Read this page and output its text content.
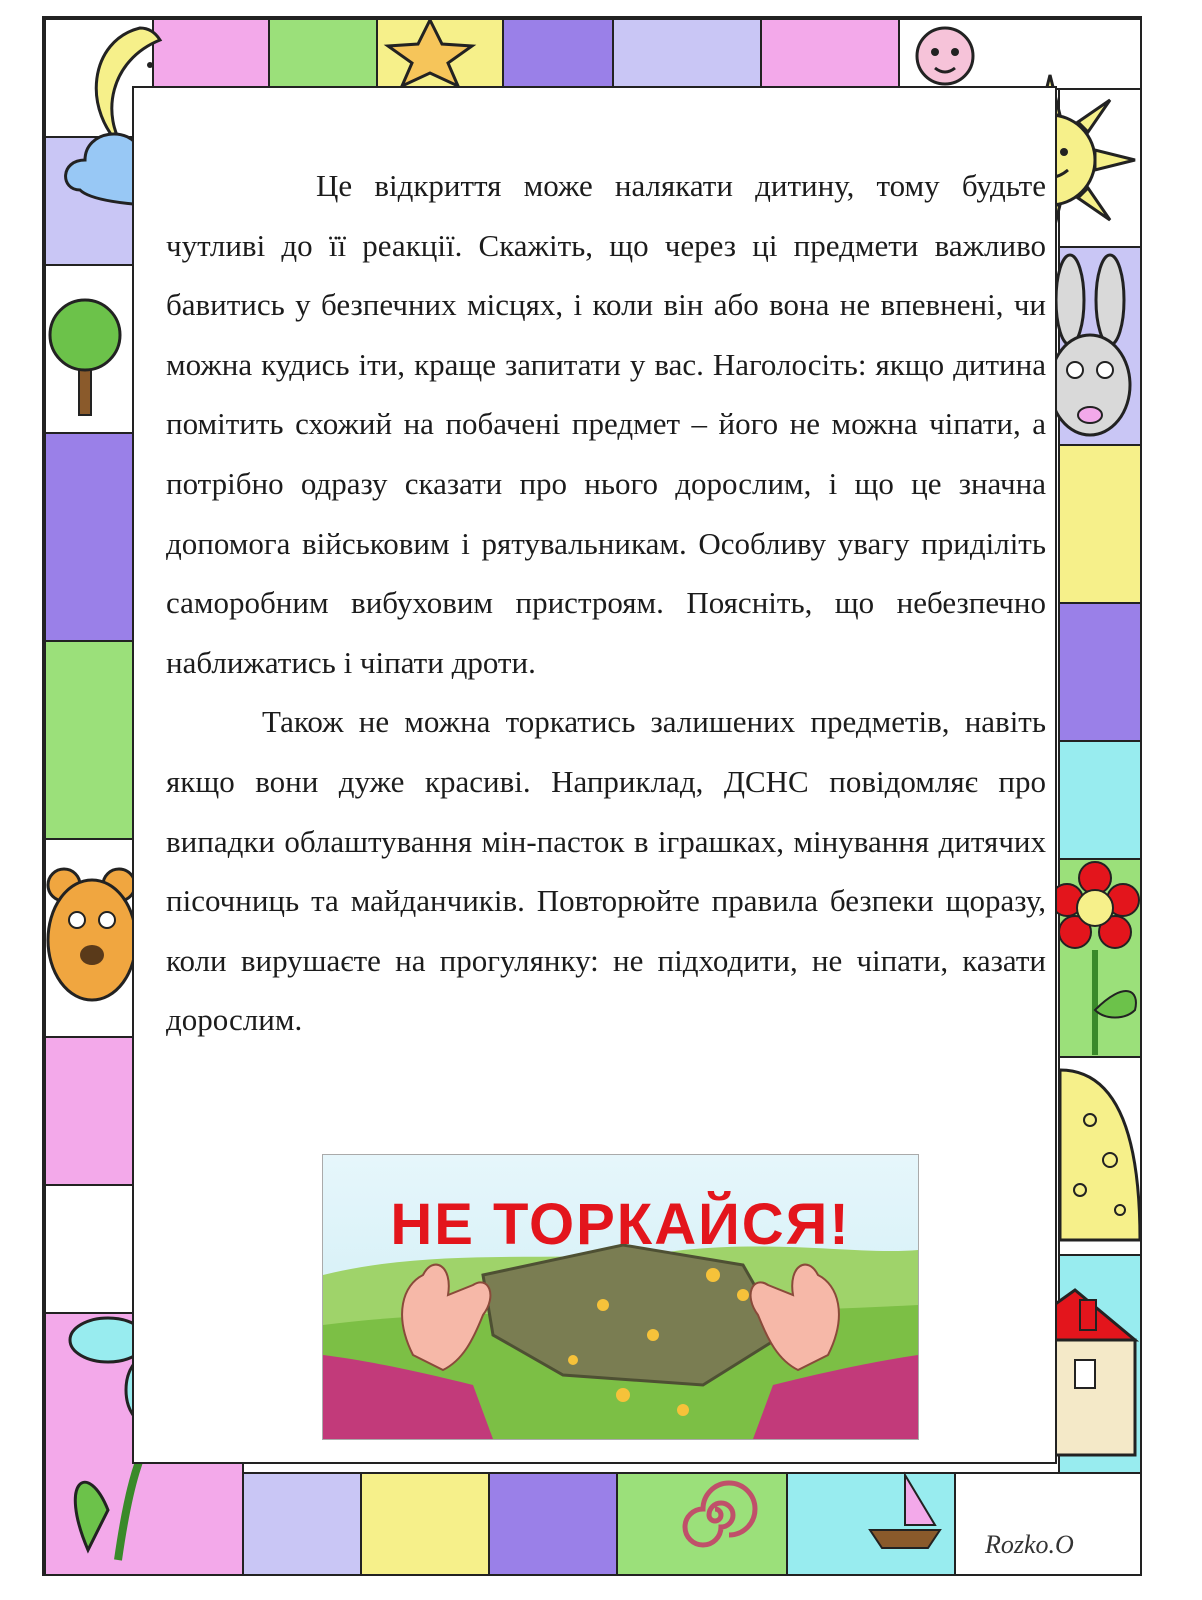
Це відкриття може налякати дитину, тому будьте чутливі до її реакції. Скажіть, що через ці предмети важливо бавитись у безпечних місцях, і коли він або вона не впевнені, чи можна кудись іти, краще запитати у вас. Наголосіть: якщо дитина помітить схожий на побачені предмет – його не можна чіпати, а потрібно одразу сказати про нього дорослим, і що це значна допомога військовим і рятувальникам. Особливу увагу приділіть саморобним вибуховим пристроям. Поясніть, що небезпечно наближатись і чіпати дроти.

Також не можна торкатись залишених предметів, навіть якщо вони дуже красиві. Наприклад, ДСНС повідомляє про випадки облаштування мін-пасток в іграшках, мінування дитячих пісочниць та майданчиків. Повторюйте правила безпеки щоразу, коли вирушаєте на прогулянку: не підходити, не чіпати, казати дорослим.

НЕ ТОРКАЙСЯ!
Rozko.O
